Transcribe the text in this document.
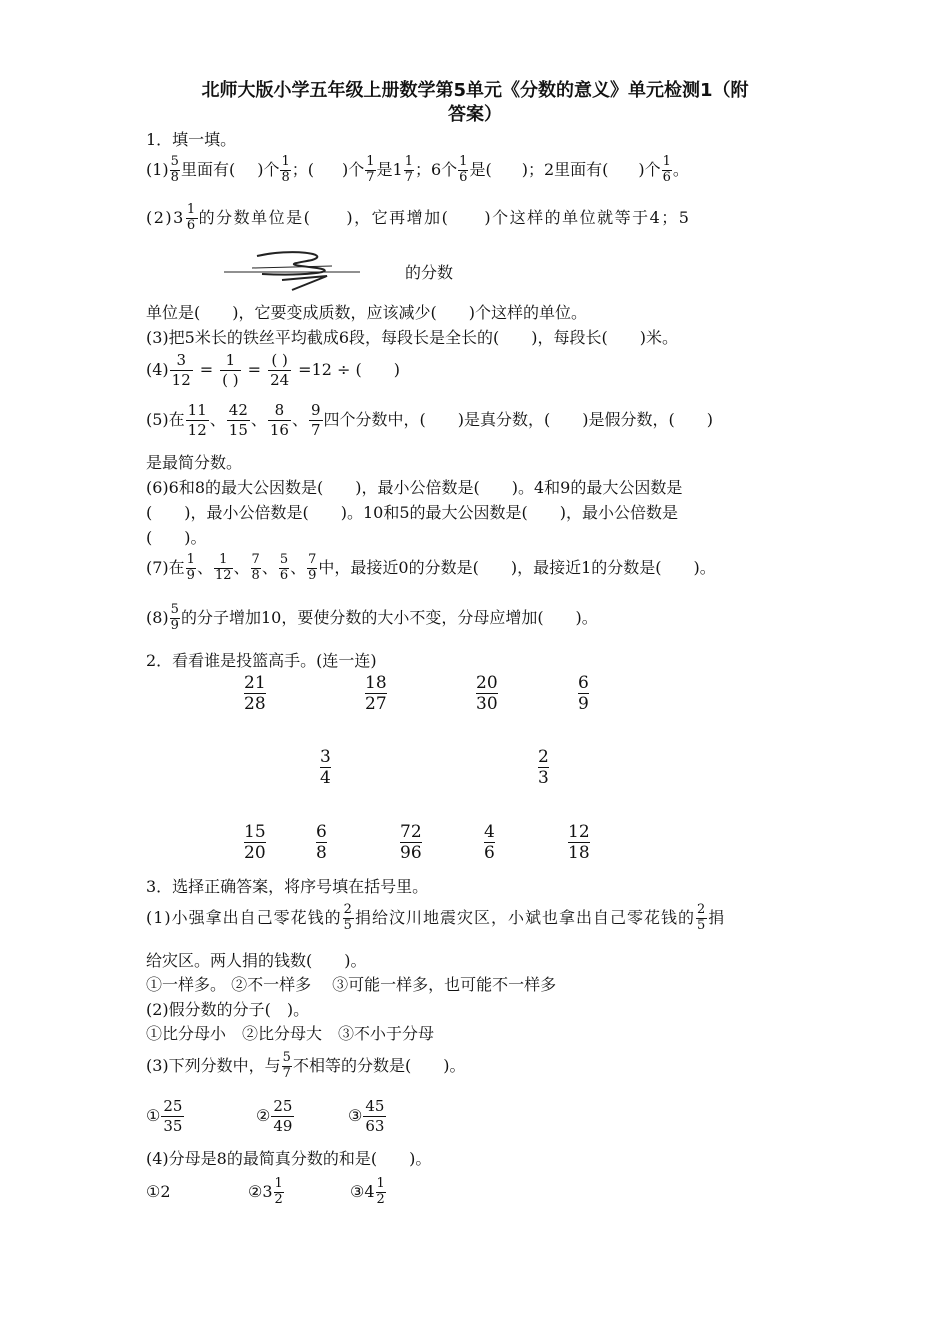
北师大版小学五年级上册数学第5单元《分数的意义》单元检测1（附
答案）
1．填一填。
$(1) \frac{5}{8}$ 里面有( )个 $\frac{1}{8}$ ；( )个 $\frac{1}{7}$ 是$1 \frac{1}{7}$ ；6个 $\frac{1}{6}$ 是( )；2里面有( )个 $\frac{1}{6}$ 。
$(2)3 \frac{1}{6}$ 的分数单位是(　　)，它再增加(　　)个这样的单位就等于4；5
的分数
单位是(　　)，它要变成质数，应该减少(　　)个这样的单位。
(3)把5米长的铁丝平均截成6段，每段长是全长的(　　)，每段长(　　)米。
$(4) \frac{3}{12} = 1$
( )
= ( )
24
=12 ÷ (　　)
(5)在 $\frac{11}{12}$ 、 $\frac{42}{15}$ 、 $\frac{8}{16}$ 、 $\frac{9}{7}$ 四个分数中，(　　)是真分数，(　　)是假分数，(　　)
是最简分数。
(6)6和8的最大公因数是(　　)，最小公倍数是(　　)。4和9的最大公因数是
(　　)，最小公倍数是(　　)。10和5的最大公因数是(　　)，最小公倍数是
(　　)。
(7)在 $\frac{1}{9}$ 、 $\frac{1}{12}$ 、 $\frac{7}{8}$ 、 $\frac{5}{6}$ 、 $\frac{7}{9}$ 中，最接近0的分数是(　　)，最接近1的分数是(　　)。
$(8) \frac{5}{9}$ 的分子增加10，要使分数的大小不变，分母应增加(　　)。
2．看看谁是投篮高手。(连一连)
$\frac{21}{28}$	$\frac{18}{27}$	$\frac{20}{30}$	$\frac{6}{9}$
$\frac{3}{4}$	$\frac{2}{3}$
$\frac{15}{20}$	$\frac{6}{8}$	$\frac{72}{96}$	$\frac{4}{6}$	$\frac{12}{18}$
3．选择正确答案，将序号填在括号里。
(1)小强拿出自己零花钱的 $\frac{2}{5}$ 捐给汶川地震灾区，小斌也拿出自己零花钱的 $\frac{2}{5}$ 捐
给灾区。两人捐的钱数(　　)。
①一样多。 ②不一样多　 ③可能一样多，也可能不一样多
(2)假分数的分子(　)。
①比分母小　②比分母大　③不小于分母
(3)下列分数中，与 $\frac{5}{7}$ 不相等的分数是(　　)。
① $\frac{25}{35}$	② $\frac{25}{49}$	③ $\frac{45}{63}$
(4)分母是8的最简真分数的和是(　　)。
①2	②3 $\frac{1}{2}$	③4 $\frac{1}{2}$
